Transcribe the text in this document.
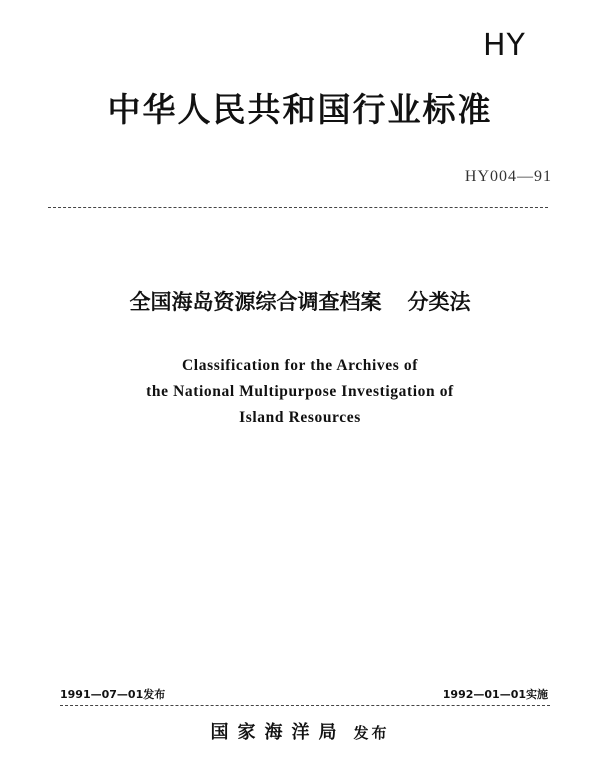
HY
中华人民共和国行业标准
HY004—91
全国海岛资源综合调查档案 分类法
Classification for the Archives of
the National Multipurpose Investigation of
Island Resources
1991—07—01发布	1992—01—01实施
国家海洋局 发布
